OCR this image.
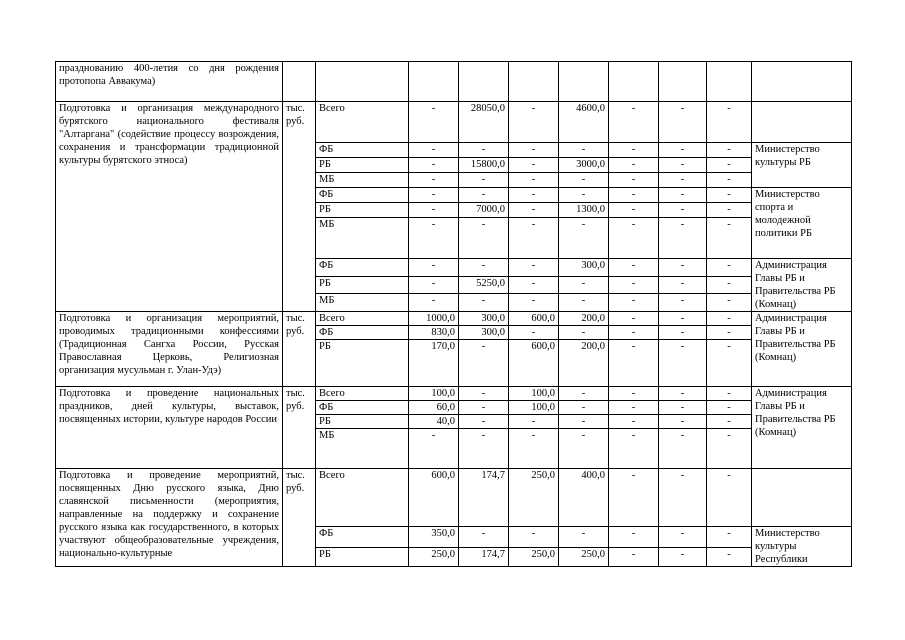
празднованию 400-летия со дня рождения протопопа Аввакума)										
Подготовка и организация международного бурятского национального фестиваля "Алтаргана" (содействие процессу возрождения, сохранения и трансформации традиционной культуры бурятского этноса)	тыс. руб.	Всего	-	28050,0	-	4600,0	-	-	-	
		ФБ	-	-	-	-	-	-	-	Министерство культуры РБ
		РБ	-	15800,0	-	3000,0	-	-	-	
		МБ	-	-	-	-	-	-	-	
		ФБ	-	-	-	-	-	-	-	Министерство спорта и молодежной политики РБ
		РБ	-	7000,0	-	1300,0	-	-	-	
		МБ	-	-	-	-	-	-	-	
		ФБ	-	-	-	300,0	-	-	-	Администрация Главы РБ и Правительства РБ (Комнац)
		РБ	-	5250,0	-	-	-	-	-	
		МБ	-	-	-	-	-	-	-	
Подготовка и организация мероприятий, проводимых традиционными конфессиями (Традиционная Сангха России, Русская Православная Церковь, Религиозная организация мусульман г. Улан-Удэ)	тыс. руб.	Всего	1000,0	300,0	600,0	200,0	-	-	-	Администрация Главы РБ и Правительства РБ (Комнац)
		ФБ	830,0	300,0	-	-	-	-	-	
		РБ	170,0	-	600,0	200,0	-	-	-	
Подготовка и проведение национальных праздников, дней культуры, выставок, посвященных истории, культуре народов России	тыс. руб.	Всего	100,0	-	100,0	-	-	-	-	Администрация Главы РБ и Правительства РБ (Комнац)
		ФБ	60,0	-	100,0	-	-	-	-	
		РБ	40,0	-	-	-	-	-	-	
		МБ	-	-	-	-	-	-	-	
Подготовка и проведение мероприятий, посвященных Дню русского языка, Дню славянской письменности (мероприятия, направленные на поддержку и сохранение русского языка как государственного, в которых участвуют общеобразовательные учреждения, национально-культурные	тыс. руб.	Всего	600,0	174,7	250,0	400,0	-	-	-	
		ФБ	350,0	-	-	-	-	-	-	Министерство культуры Республики
		РБ	250,0	174,7	250,0	250,0	-	-	-	
